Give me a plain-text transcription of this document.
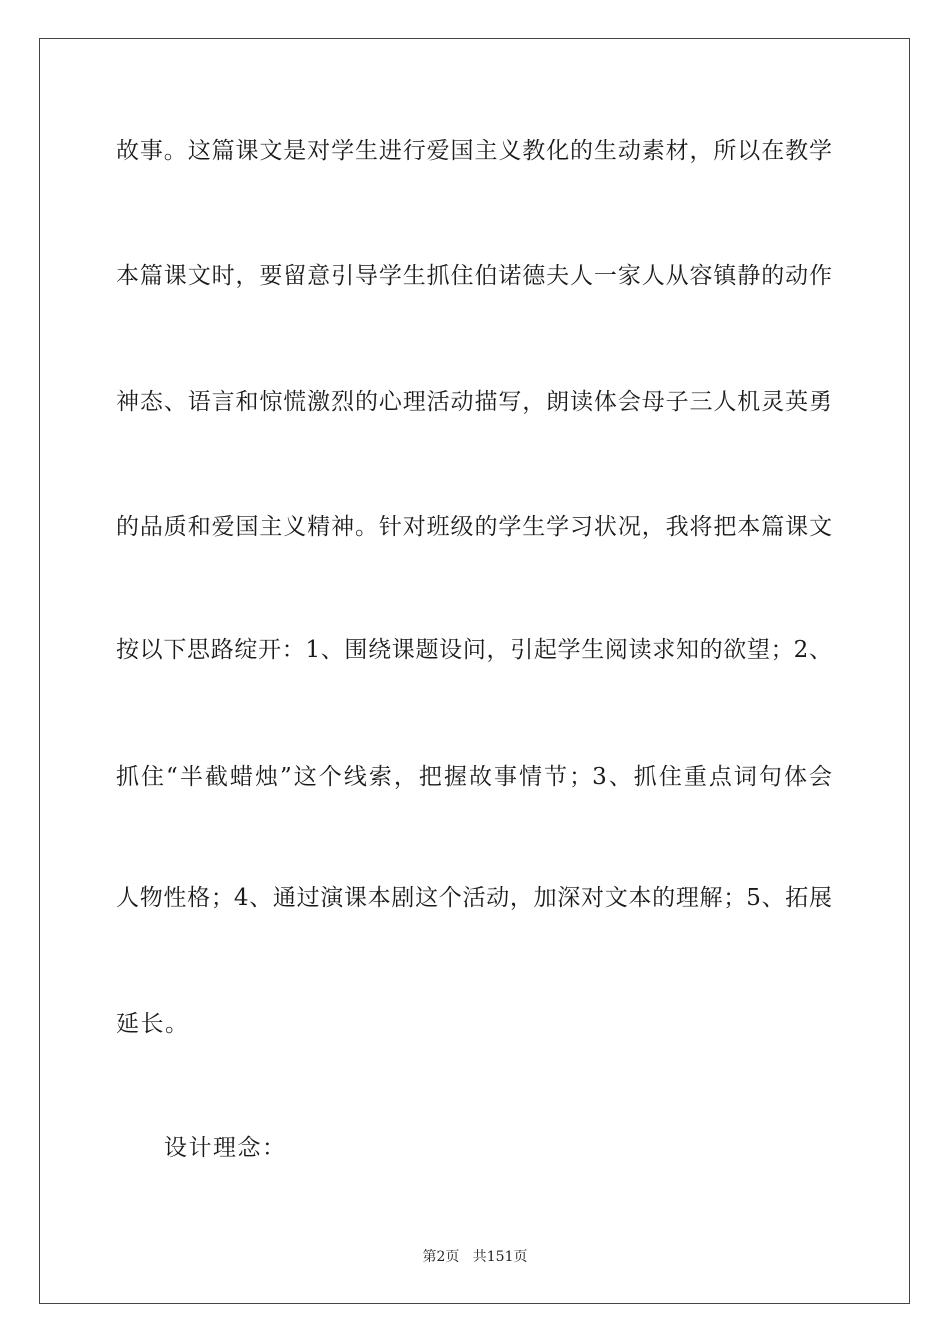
故事。这篇课文是对学生进行爱国主义教化的生动素材，所以在教学
本篇课文时，要留意引导学生抓住伯诺德夫人一家人从容镇静的动作
神态、语言和惊慌激烈的心理活动描写，朗读体会母子三人机灵英勇
的品质和爱国主义精神。针对班级的学生学习状况，我将把本篇课文
按以下思路绽开：1、围绕课题设问，引起学生阅读求知的欲望；2、
抓住“半截蜡烛”这个线索，把握故事情节；3、抓住重点词句体会
人物性格；4、通过演课本剧这个活动，加深对文本的理解；5、拓展
延长。
设计理念：
第2页 共151页
